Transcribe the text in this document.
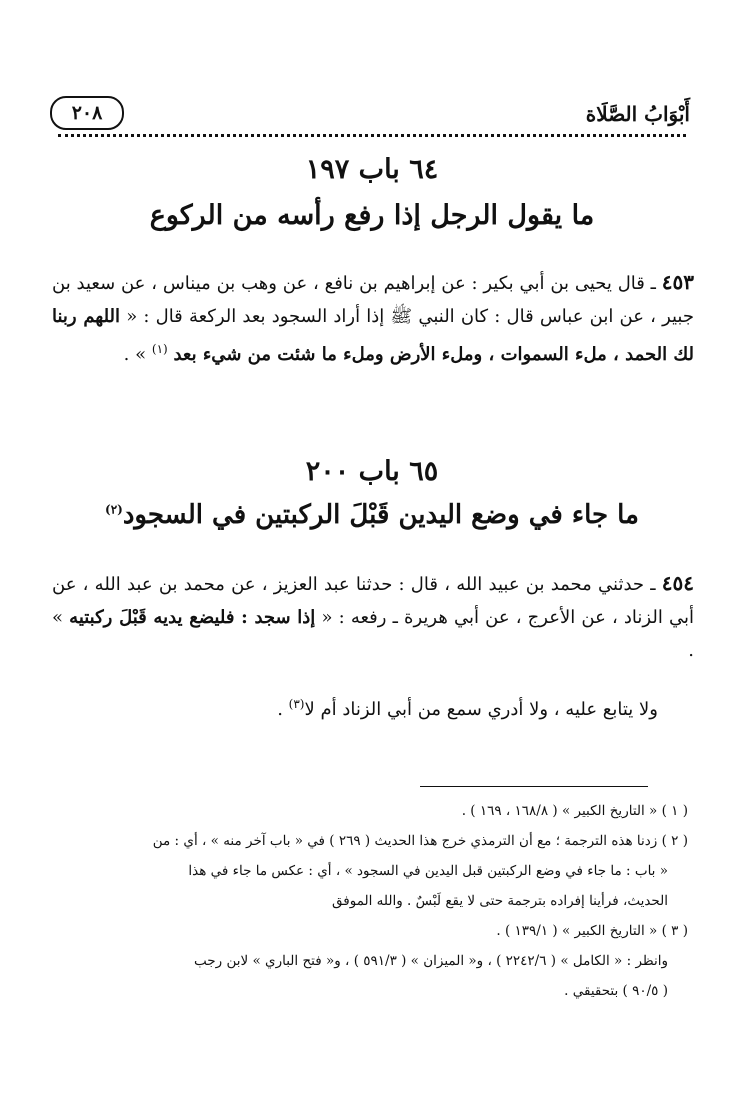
أَبْوَابُ الصَّلَاة
٢٠٨
٦٤ باب ١٩٧
ما يقول الرجل إذا رفع رأسه من الركوع
٤٥٣ ـ قال يحيى بن أبي بكير : عن إبراهيم بن نافع ، عن وهب بن ميناس ، عن سعيد بن جبير ، عن ابن عباس قال : كان النبي ﷺ إذا أراد السجود بعد الركعة قال : « اللهم ربنا لك الحمد ، ملء السموات ، وملء الأرض وملء ما شئت من شيء بعد $^{(١)}$ » .
٦٥ باب ٢٠٠
ما جاء في وضع اليدين قَبْلَ الركبتين في السجود$^{(٢)}$
٤٥٤ ـ حدثني محمد بن عبيد الله ، قال : حدثنا عبد العزيز ، عن محمد بن عبد الله ، عن أبي الزناد ، عن الأعرج ، عن أبي هريرة ـ رفعه : « إذا سجد : فليضع يديه قَبْلَ ركبتيه » .
ولا يتابع عليه ، ولا أدري سمع من أبي الزناد أم لا$^{(٣)}$ .

( ١ ) « التاريخ الكبير » ( ١٦٨/٨ ، ١٦٩ ) .

( ٢ ) زدنا هذه الترجمة ؛ مع أن الترمذي خرج هذا الحديث ( ٢٦٩ ) في « باب آخر منه » ، أي : من

« باب : ما جاء في وضع الركبتين قبل اليدين في السجود » ، أي : عكس ما جاء في هذا

الحديث، فرأينا إفراده بترجمة حتى لا يقع لَبْسٌ . والله الموفق

( ٣ ) « التاريخ الكبير » ( ١٣٩/١ ) .

وانظر : « الكامل » ( ٢٢٤٢/٦ ) ، و« الميزان » ( ٥٩١/٣ ) ، و« فتح الباري » لابن رجب

( ٩٠/٥ ) بتحقيقي .
